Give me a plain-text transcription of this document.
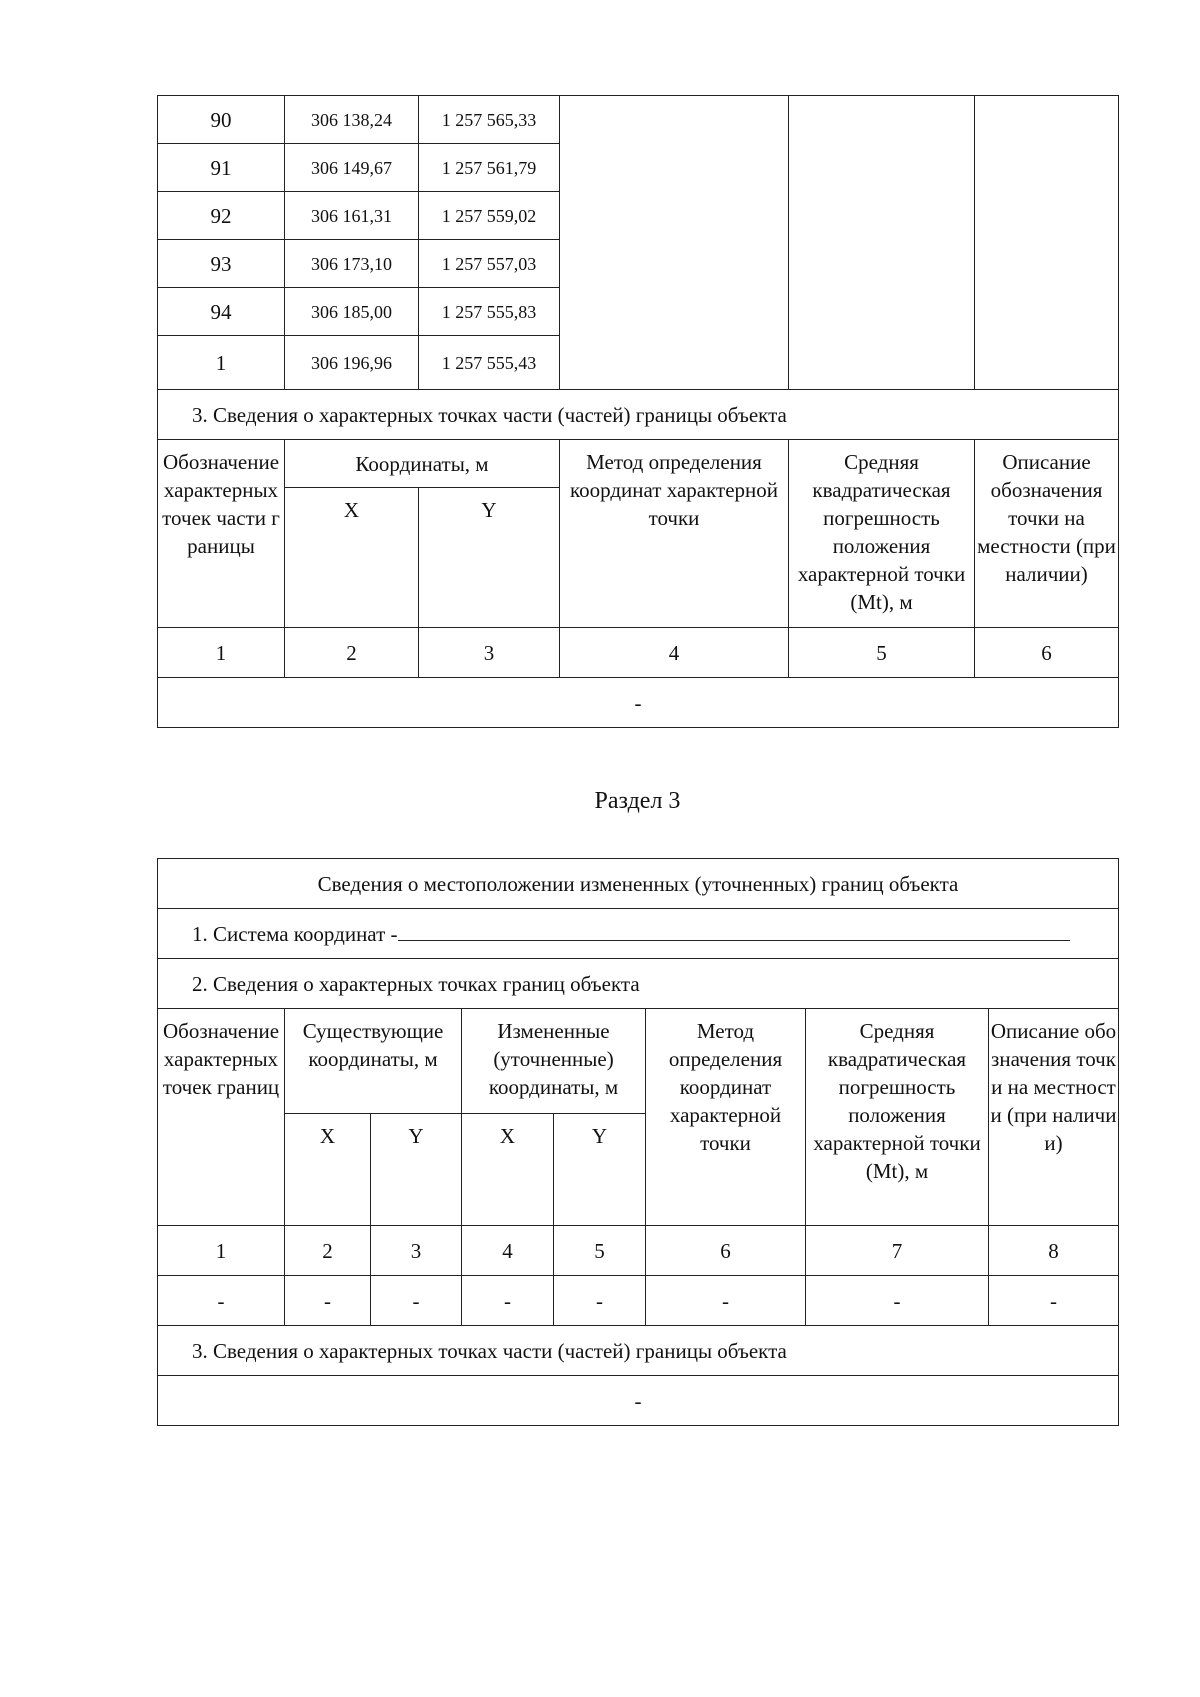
90	306 138,24	1 257 565,33			
91	306 149,67	1 257 561,79			
92	306 161,31	1 257 559,02			
93	306 173,10	1 257 557,03			
94	306 185,00	1 257 555,83			
1	306 196,96	1 257 555,43			
3. Сведения о характерных точках части (частей) границы объекта					
Обозначение характерных точек части границы	Координаты, м		Метод определения координат характерной точки	Средняя квадратическая погрешность положения характерной точки (Mt), м	Описание обозначения точки на местности (при наличии)
	X	Y			
1	2	3	4	5	6
-					
Раздел 3
Сведения о местоположении измененных (уточненных) границ объекта							
1. Система координат -							
2. Сведения о характерных точках границ объекта							
Обозначение характерных точек границ	Существующие координаты, м		Измененные (уточненные) координаты, м		Метод определения координат характерной точки	Средняя квадратическая погрешность положения характерной точки (Mt), м	Описание обозначения точки на местности (при наличии)
	X	Y	X	Y			
1	2	3	4	5	6	7	8
-	-	-	-	-	-	-	-
3. Сведения о характерных точках части (частей) границы объекта							
-							
